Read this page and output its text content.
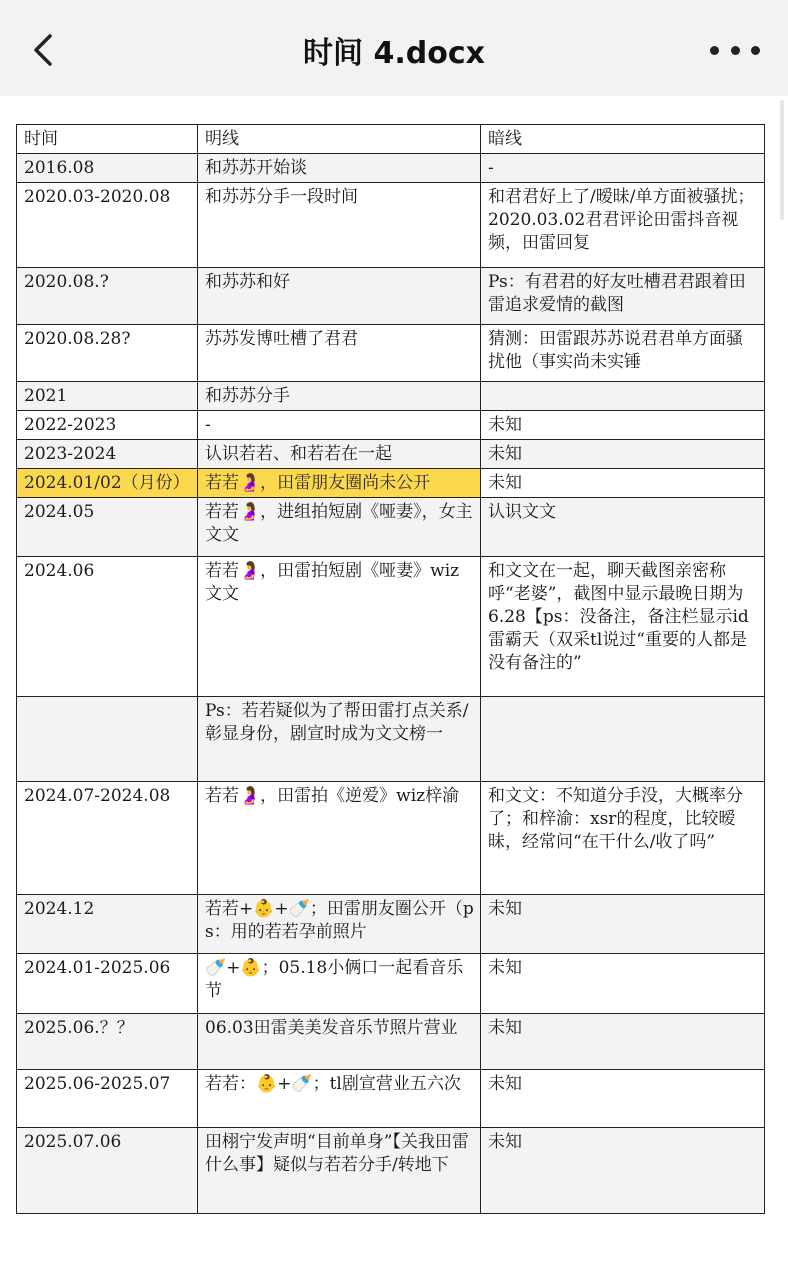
时间 4.docx
时间	明线	暗线
2016.08	和苏苏开始谈	-
2020.03-2020.08	和苏苏分手一段时间	和君君好上了/暧昧/单方面被骚扰；2020.03.02君君评论田雷抖音视频，田雷回复
2020.08.?	和苏苏和好	Ps：有君君的好友吐槽君君跟着田雷追求爱情的截图
2020.08.28?	苏苏发博吐槽了君君	猜测：田雷跟苏苏说君君单方面骚扰他（事实尚未实锤
2021	和苏苏分手	
2022-2023	-	未知
2023-2024	认识若若、和若若在一起	未知
2024.01/02（月份）	若若🤰，田雷朋友圈尚未公开	未知
2024.05	若若🤰，进组拍短剧《哑妻》，女主文文	认识文文
2024.06	若若🤰，田雷拍短剧《哑妻》wiz文文	和文文在一起，聊天截图亲密称呼“老婆”，截图中显示最晚日期为6.28【ps：没备注，备注栏显示id雷霸天（双采tl说过“重要的人都是没有备注的”
	Ps：若若疑似为了帮田雷打点关系/彰显身份，剧宣时成为文文榜一	
2024.07-2024.08	若若🤰，田雷拍《逆爱》wiz梓渝	和文文：不知道分手没，大概率分了；和梓渝：xsr的程度，比较暧昧，经常问“在干什么/收了吗”
2024.12	若若+👶+🍼；田雷朋友圈公开（ps：用的若若孕前照片	未知
2024.01-2025.06	🍼+👶；05.18小俩口一起看音乐节	未知
2025.06.？？	06.03田雷美美发音乐节照片营业	未知
2025.06-2025.07	若若：👶+🍼；tl剧宣营业五六次	未知
2025.07.06	田栩宁发声明“目前单身”【关我田雷什么事】疑似与若若分手/转地下	未知
